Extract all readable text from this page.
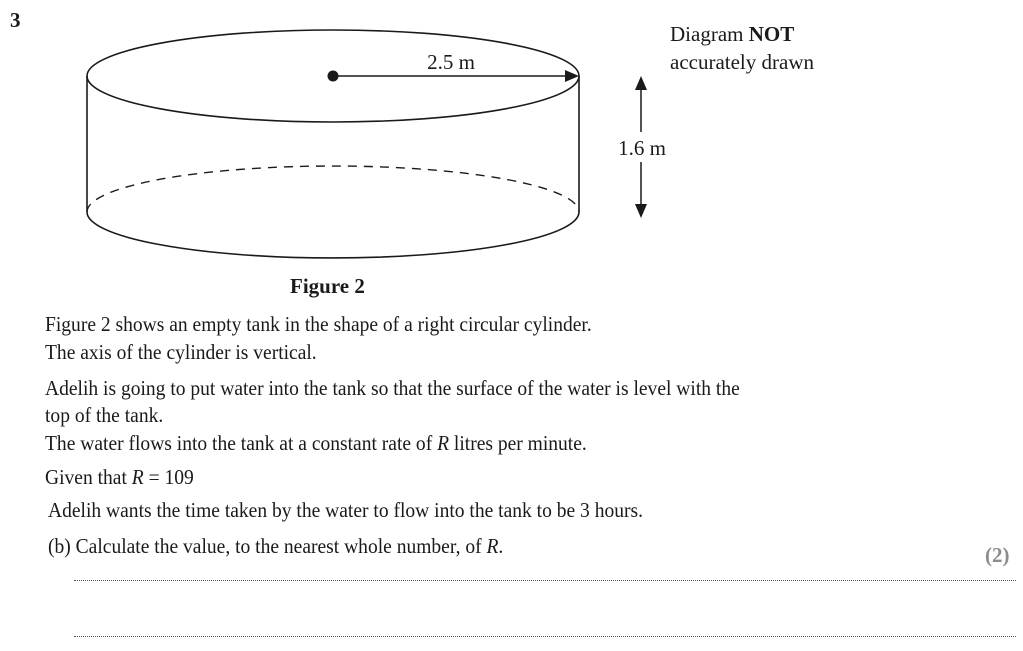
3
2.5 m
1.6 m
Diagram NOT
accurately drawn
Figure 2
Figure 2 shows an empty tank in the shape of a right circular cylinder.
The axis of the cylinder is vertical.
Adelih is going to put water into the tank so that the surface of the water is level with the
top of the tank.
The water flows into the tank at a constant rate of R litres per minute.
Given that R = 109
Adelih wants the time taken by the water to flow into the tank to be 3 hours.
(b) Calculate the value, to the nearest whole number, of R.	(2)
